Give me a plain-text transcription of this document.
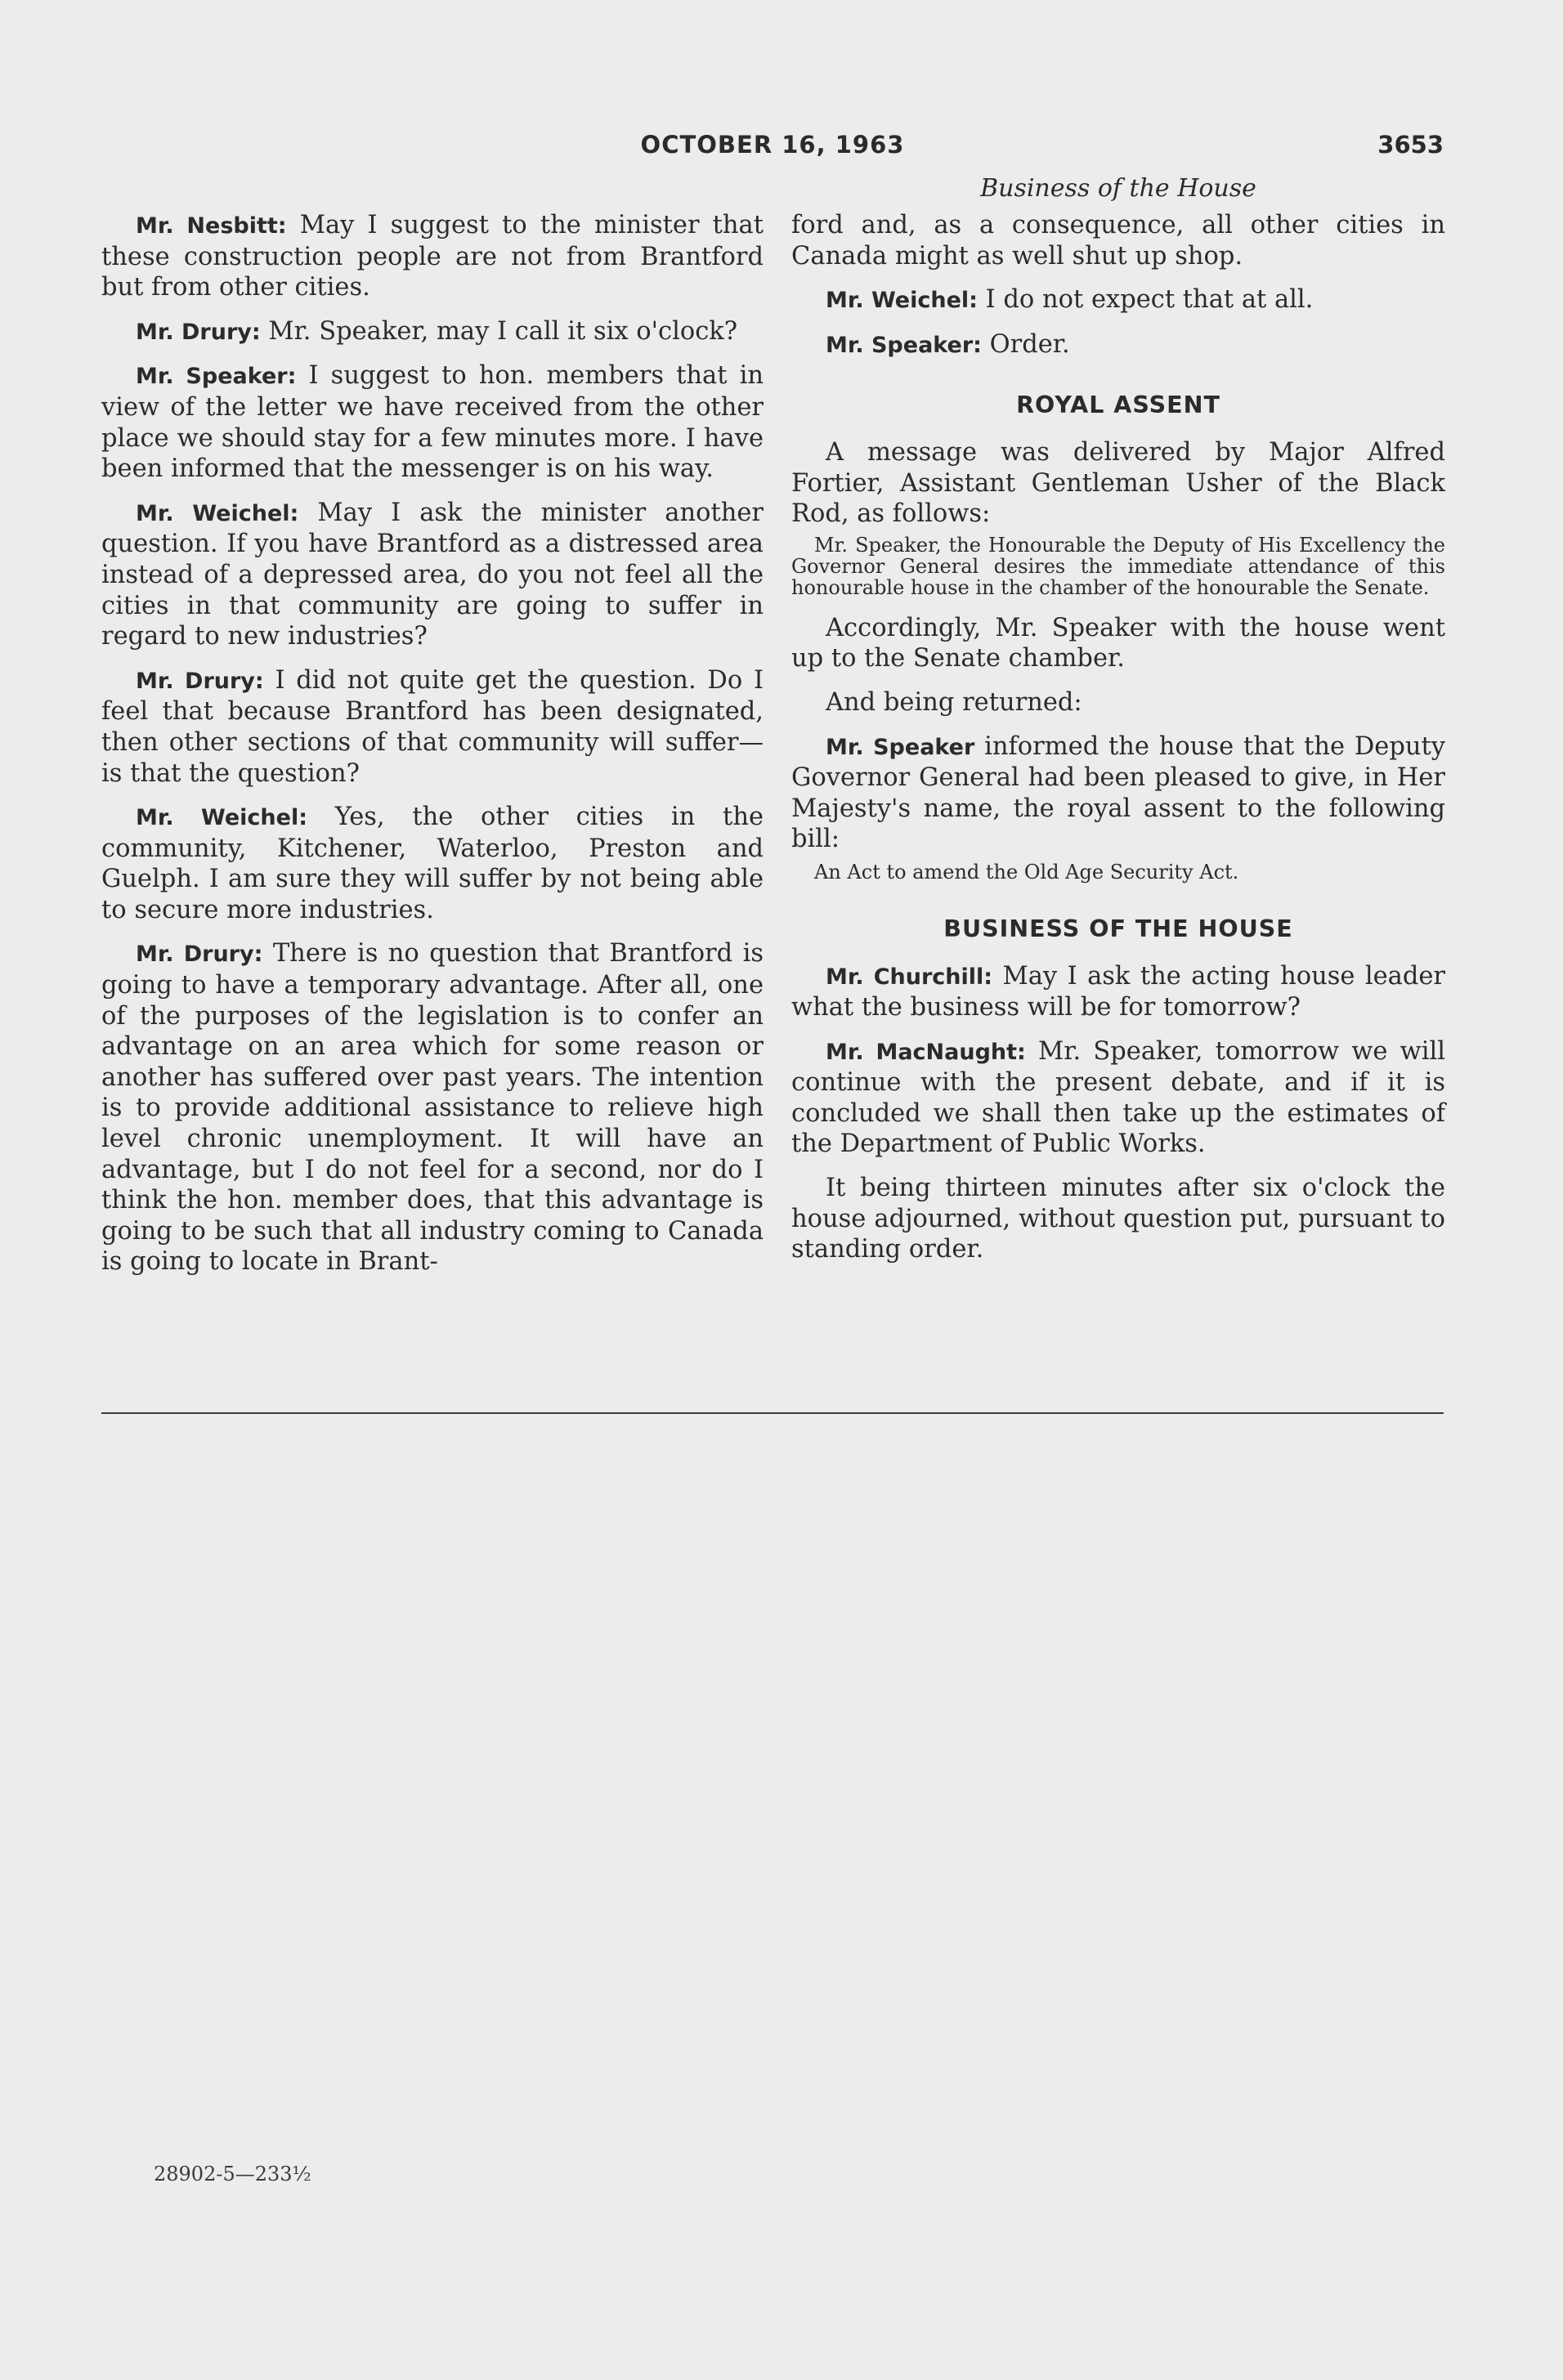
OCTOBER 16, 1963	3653
Business of the House

Mr. Nesbitt: May I suggest to the minister that these construction people are not from Brantford but from other cities.

Mr. Drury: Mr. Speaker, may I call it six o'clock?

Mr. Speaker: I suggest to hon. members that in view of the letter we have received from the other place we should stay for a few minutes more. I have been informed that the messenger is on his way.

Mr. Weichel: May I ask the minister another question. If you have Brantford as a distressed area instead of a depressed area, do you not feel all the cities in that community are going to suffer in regard to new industries?

Mr. Drury: I did not quite get the question. Do I feel that because Brantford has been designated, then other sections of that community will suffer—is that the question?

Mr. Weichel: Yes, the other cities in the community, Kitchener, Waterloo, Preston and Guelph. I am sure they will suffer by not being able to secure more industries.

Mr. Drury: There is no question that Brantford is going to have a temporary advantage. After all, one of the purposes of the legislation is to confer an advantage on an area which for some reason or another has suffered over past years. The intention is to provide additional assistance to relieve high level chronic unemployment. It will have an advantage, but I do not feel for a second, nor do I think the hon. member does, that this advantage is going to be such that all industry coming to Canada is going to locate in Brant-

ford and, as a consequence, all other cities in Canada might as well shut up shop.

Mr. Weichel: I do not expect that at all.

Mr. Speaker: Order.

ROYAL ASSENT

A message was delivered by Major Alfred Fortier, Assistant Gentleman Usher of the Black Rod, as follows:

Mr. Speaker, the Honourable the Deputy of His Excellency the Governor General desires the immediate attendance of this honourable house in the chamber of the honourable the Senate.

Accordingly, Mr. Speaker with the house went up to the Senate chamber.

And being returned:

Mr. Speaker informed the house that the Deputy Governor General had been pleased to give, in Her Majesty's name, the royal assent to the following bill:

An Act to amend the Old Age Security Act.
BUSINESS OF THE HOUSE

Mr. Churchill: May I ask the acting house leader what the business will be for tomorrow?

Mr. MacNaught: Mr. Speaker, tomorrow we will continue with the present debate, and if it is concluded we shall then take up the estimates of the Department of Public Works.

It being thirteen minutes after six o'clock the house adjourned, without question put, pursuant to standing order.

28902-5—233½
